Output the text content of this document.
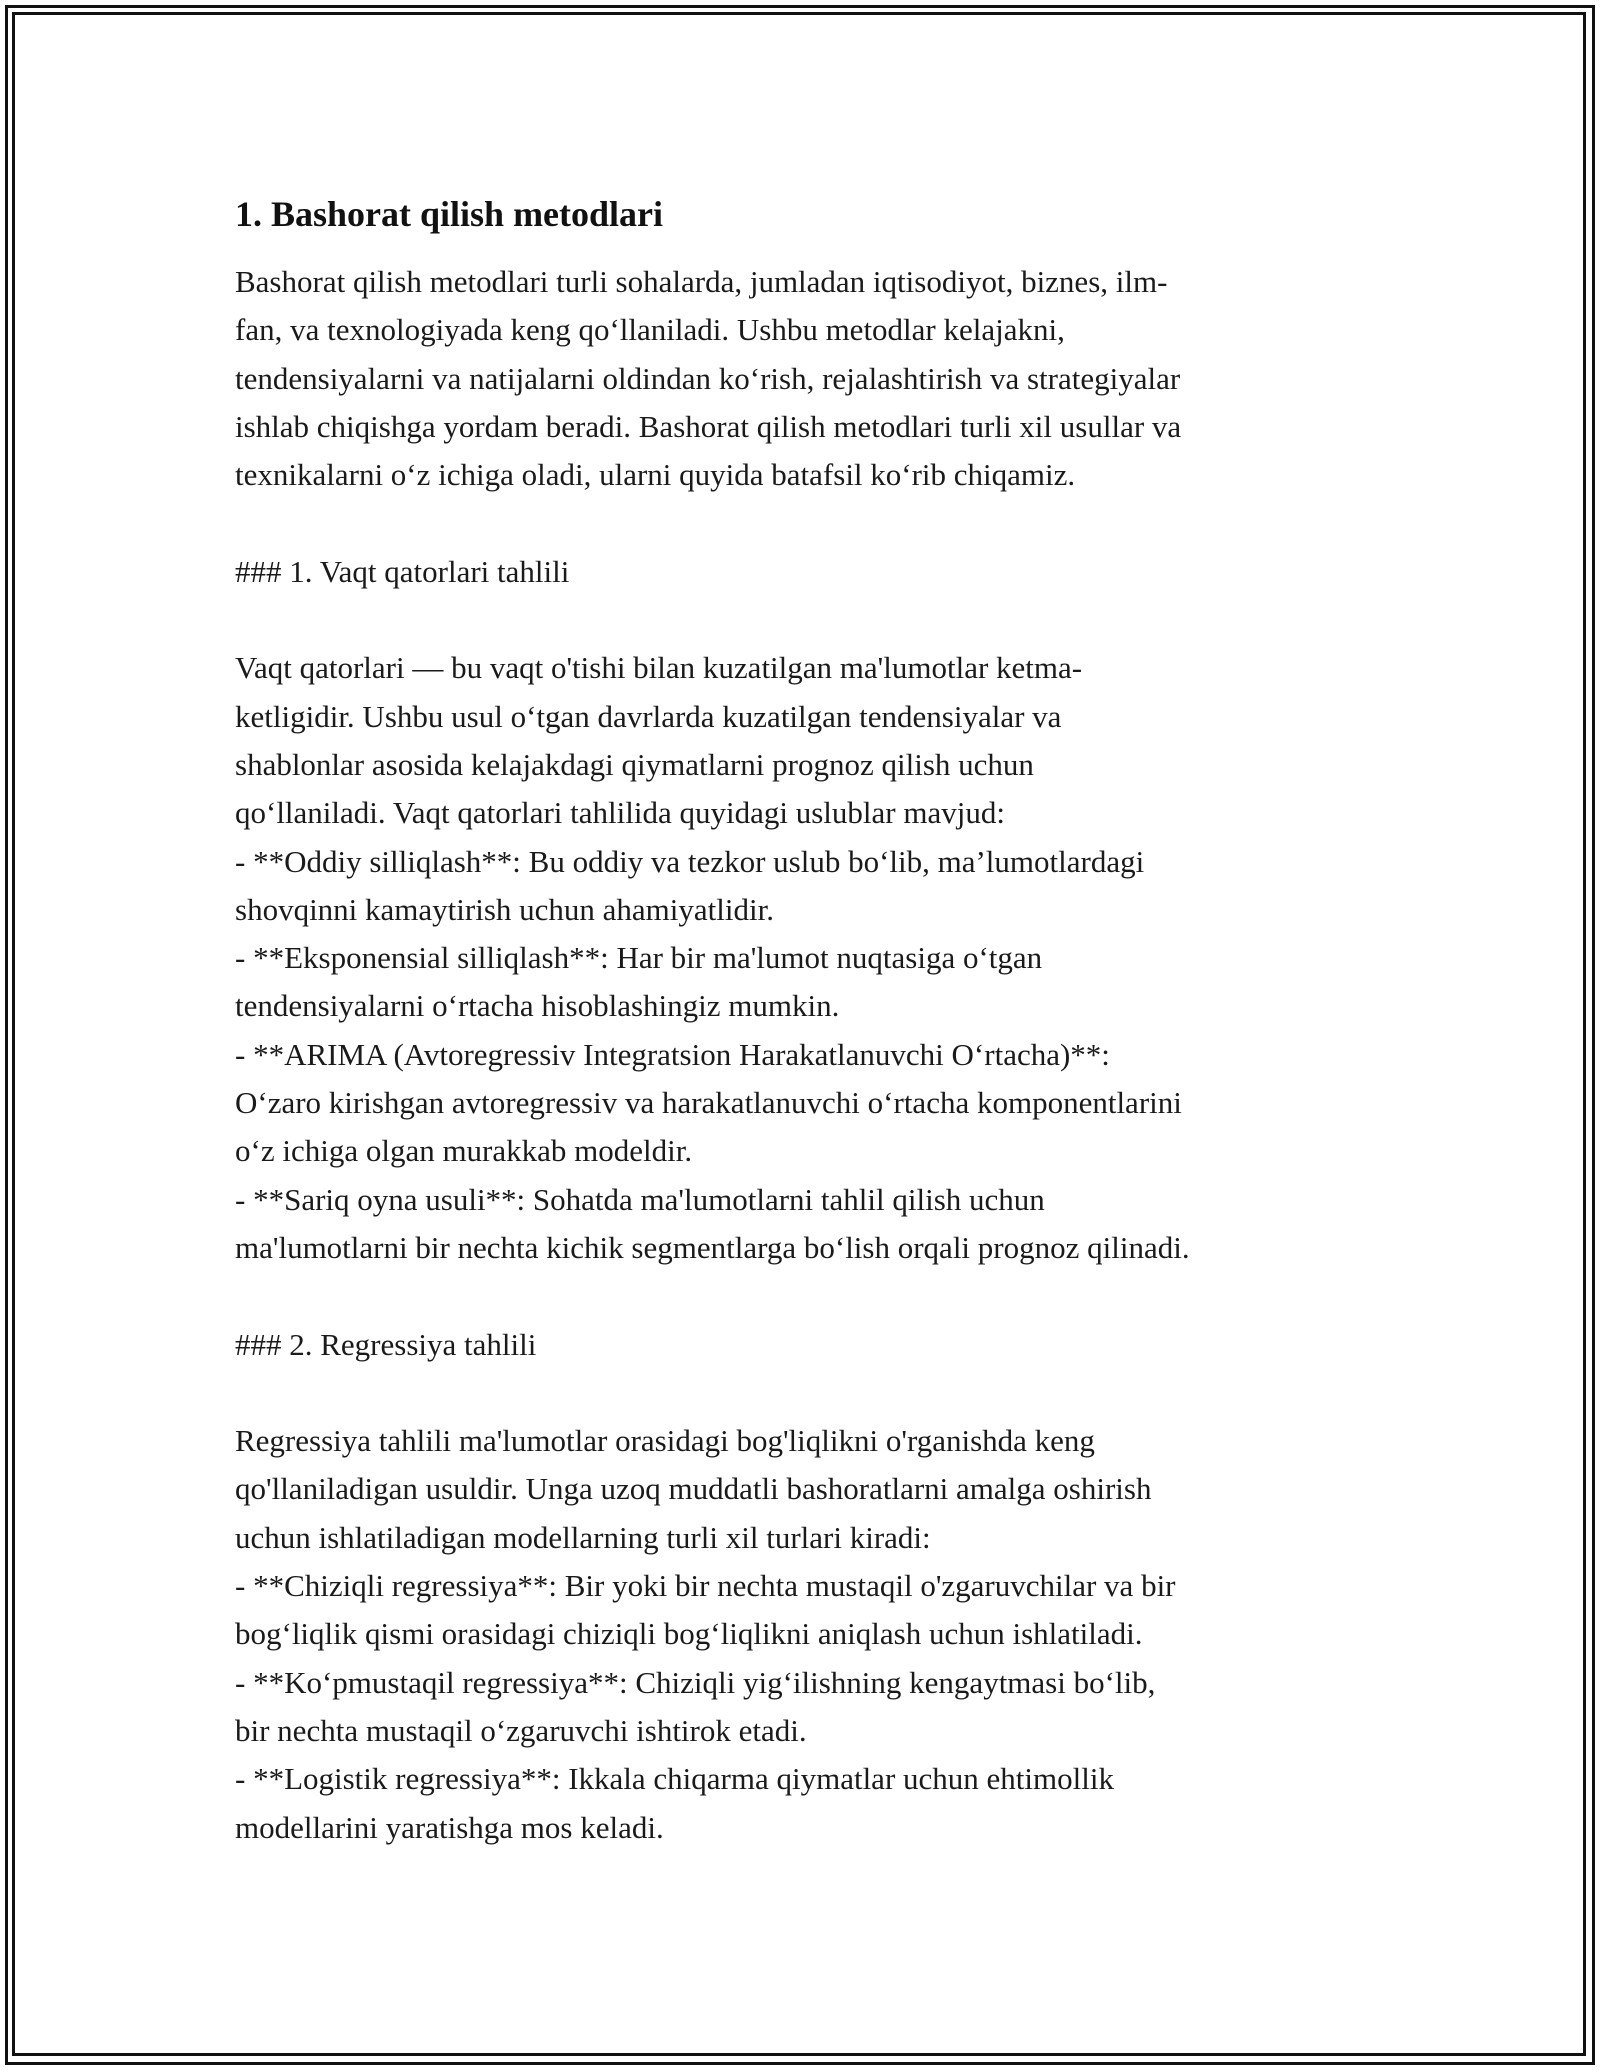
1. Bashorat qilish metodlari

Bashorat qilish metodlari turli sohalarda, jumladan iqtisodiyot, biznes, ilm-
fan, va texnologiyada keng qo‘llaniladi. Ushbu metodlar kelajakni,
tendensiyalarni va natijalarni oldindan ko‘rish, rejalashtirish va strategiyalar
ishlab chiqishga yordam beradi. Bashorat qilish metodlari turli xil usullar va
texnikalarni o‘z ichiga oladi, ularni quyida batafsil ko‘rib chiqamiz.

### 1. Vaqt qatorlari tahlili

Vaqt qatorlari — bu vaqt o'tishi bilan kuzatilgan ma'lumotlar ketma-
ketligidir. Ushbu usul o‘tgan davrlarda kuzatilgan tendensiyalar va
shablonlar asosida kelajakdagi qiymatlarni prognoz qilish uchun
qo‘llaniladi. Vaqt qatorlari tahlilida quyidagi uslublar mavjud:
- **Oddiy silliqlash**: Bu oddiy va tezkor uslub bo‘lib, ma’lumotlardagi
shovqinni kamaytirish uchun ahamiyatlidir.
- **Eksponensial silliqlash**: Har bir ma'lumot nuqtasiga o‘tgan
tendensiyalarni o‘rtacha hisoblashingiz mumkin.
- **ARIMA (Avtoregressiv Integratsion Harakatlanuvchi O‘rtacha)**:
O‘zaro kirishgan avtoregressiv va harakatlanuvchi o‘rtacha komponentlarini
o‘z ichiga olgan murakkab modeldir.
- **Sariq oyna usuli**: Sohatda ma'lumotlarni tahlil qilish uchun
ma'lumotlarni bir nechta kichik segmentlarga bo‘lish orqali prognoz qilinadi.

### 2. Regressiya tahlili

Regressiya tahlili ma'lumotlar orasidagi bog'liqlikni o'rganishda keng
qo'llaniladigan usuldir. Unga uzoq muddatli bashoratlarni amalga oshirish
uchun ishlatiladigan modellarning turli xil turlari kiradi:
- **Chiziqli regressiya**: Bir yoki bir nechta mustaqil o'zgaruvchilar va bir
bog‘liqlik qismi orasidagi chiziqli bog‘liqlikni aniqlash uchun ishlatiladi.
- **Ko‘pmustaqil regressiya**: Chiziqli yig‘ilishning kengaytmasi bo‘lib,
bir nechta mustaqil o‘zgaruvchi ishtirok etadi.
- **Logistik regressiya**: Ikkala chiqarma qiymatlar uchun ehtimollik
modellarini yaratishga mos keladi.
